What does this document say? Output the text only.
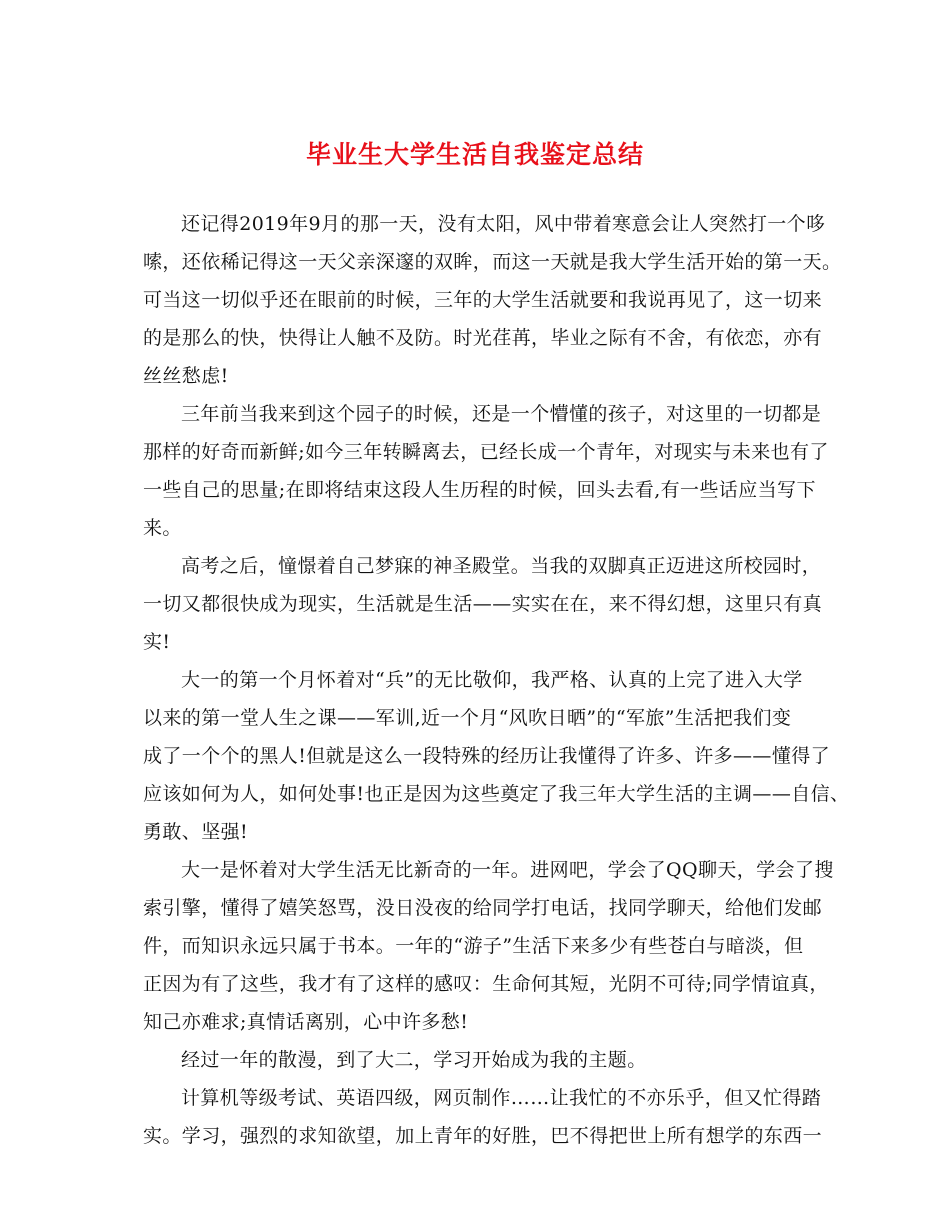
毕业生大学生活自我鉴定总结
还记得2019年9月的那一天，没有太阳，风中带着寒意会让人突然打一个哆
嗦，还依稀记得这一天父亲深邃的双眸，而这一天就是我大学生活开始的第一天。
可当这一切似乎还在眼前的时候，三年的大学生活就要和我说再见了，这一切来
的是那么的快，快得让人触不及防。时光荏苒，毕业之际有不舍，有依恋，亦有
丝丝愁虑!
三年前当我来到这个园子的时候，还是一个懵懂的孩子，对这里的一切都是
那样的好奇而新鲜;如今三年转瞬离去，已经长成一个青年，对现实与未来也有了
一些自己的思量;在即将结束这段人生历程的时候，回头去看,有一些话应当写下
来。
高考之后，憧憬着自己梦寐的神圣殿堂。当我的双脚真正迈进这所校园时，
一切又都很快成为现实，生活就是生活——实实在在，来不得幻想，这里只有真
实!
大一的第一个月怀着对“兵”的无比敬仰，我严格、认真的上完了进入大学
以来的第一堂人生之课——军训,近一个月“风吹日晒”的“军旅”生活把我们变
成了一个个的黑人!但就是这么一段特殊的经历让我懂得了许多、许多——懂得了
应该如何为人，如何处事!也正是因为这些奠定了我三年大学生活的主调——自信、
勇敢、坚强!
大一是怀着对大学生活无比新奇的一年。进网吧，学会了QQ聊天，学会了搜
索引擎，懂得了嬉笑怒骂，没日没夜的给同学打电话，找同学聊天，给他们发邮
件，而知识永远只属于书本。一年的“游子”生活下来多少有些苍白与暗淡，但
正因为有了这些，我才有了这样的感叹：生命何其短，光阴不可待;同学情谊真，
知己亦难求;真情话离别，心中许多愁!
经过一年的散漫，到了大二，学习开始成为我的主题。
计算机等级考试、英语四级，网页制作……让我忙的不亦乐乎，但又忙得踏
实。学习，强烈的求知欲望，加上青年的好胜，巴不得把世上所有想学的东西一
